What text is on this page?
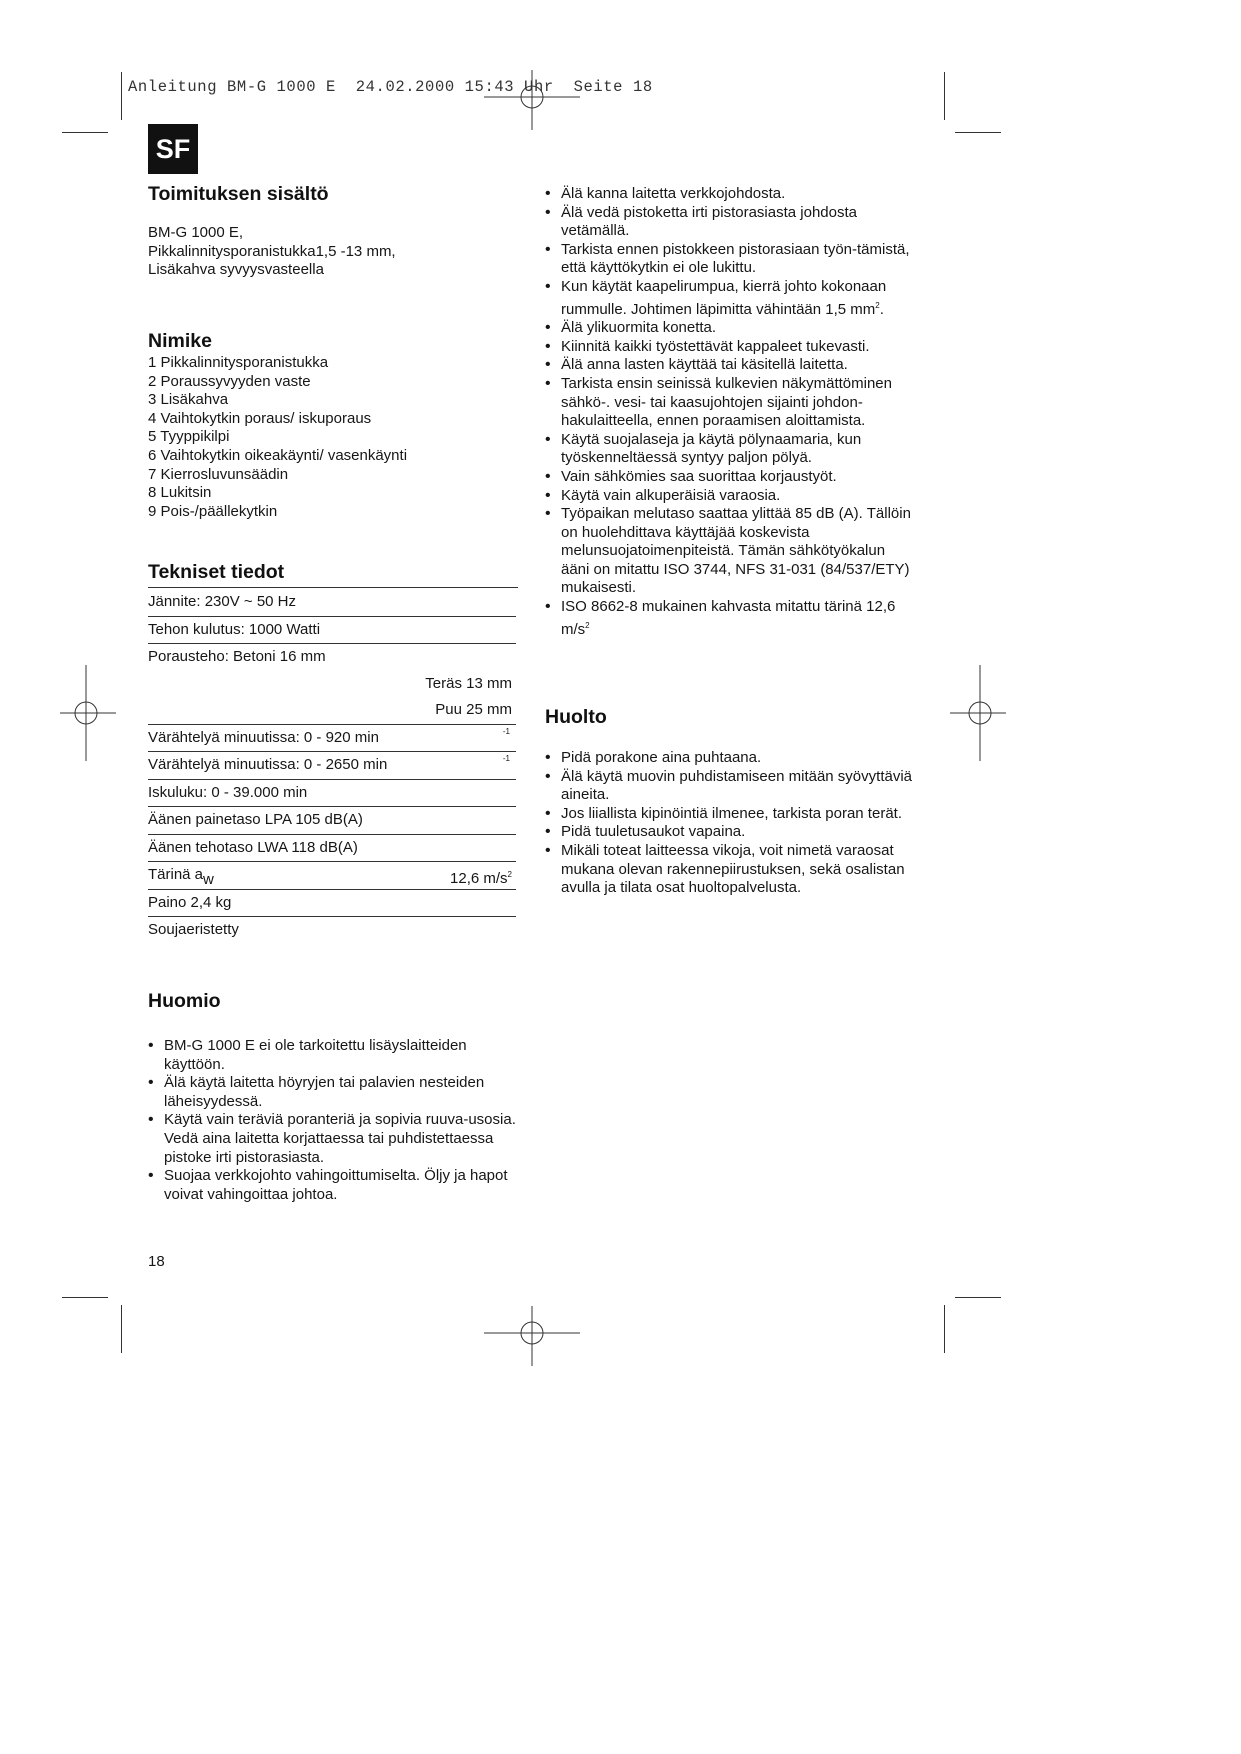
Anleitung BM-G 1000 E  24.02.2000 15:43 Uhr  Seite 18
SF
Toimituksen sisältö
BM-G 1000 E,
Pikkalinnitysporanistukka1,5 -13 mm,
Lisäkahva syvyysvasteella
Nimike
1 Pikkalinnitysporanistukka
2 Poraussyvyyden vaste
3 Lisäkahva
4 Vaihtokytkin poraus/ iskuporaus
5 Tyyppikilpi
6 Vaihtokytkin oikeakäynti/ vasenkäynti
7 Kierrosluvunsäädin
8 Lukitsin
9 Pois-/päällekytkin
Tekniset tiedot
Jännite: 230V ~ 50 Hz
Tehon kulutus: 1000 Watti
Porausteho: Betoni 16 mm
Teräs 13 mm
Puu 25 mm
Värähtelyä minuutissa: 0 - 920 min	-1
Värähtelyä minuutissa: 0 - 2650 min	-1
Iskuluku: 0 - 39.000 min
Äänen painetaso LPA 105 dB(A)
Äänen tehotaso LWA 118 dB(A)
Tärinä aw	12,6 $m/s^2$
Paino 2,4 kg
Soujaeristetty
Huomio
• BM-G 1000 E ei ole tarkoitettu lisäyslaitteiden käyttöön.
• Älä käytä laitetta höyryjen tai palavien nesteiden läheisyydessä.
• Käytä vain teräviä poranteriä ja sopivia ruuva-usosia.
Vedä aina laitetta korjattaessa tai puhdistettaessa pistoke irti pistorasiasta.
• Suojaa verkkojohto vahingoittumiselta. Öljy ja hapot voivat vahingoittaa johtoa.
18
• Älä kanna laitetta verkkojohdosta.
• Älä vedä pistoketta irti pistorasiasta johdosta vetämällä.
• Tarkista ennen pistokkeen pistorasiaan työn-tämistä, että käyttökytkin ei ole lukittu.
• Kun käytät kaapelirumpua, kierrä johto kokonaan rummulle. Johtimen läpimitta vähintään 1,5 $mm^2$.
• Älä ylikuormita konetta.
• Kiinnitä kaikki työstettävät kappaleet tukevasti.
• Älä anna lasten käyttää tai käsitellä laitetta.
• Tarkista ensin seinissä kulkevien näkymättöminen sähkö-. vesi- tai kaasujohtojen sijainti johdon-hakulaitteella, ennen poraamisen aloittamista.
• Käytä suojalaseja ja käytä pölynaamaria, kun työskenneltäessä syntyy paljon pölyä.
• Vain sähkömies saa suorittaa korjaustyöt.
• Käytä vain alkuperäisiä varaosia.
• Työpaikan melutaso saattaa ylittää 85 dB (A). Tällöin on huolehdittava käyttäjää koskevista melunsuojatoimenpiteistä. Tämän sähkötyökalun ääni on mitattu ISO 3744, NFS 31-031 (84/537/ETY) mukaisesti.
• ISO 8662-8 mukainen kahvasta mitattu tärinä 12,6 $m/s^2$
Huolto
• Pidä porakone aina puhtaana.
• Älä käytä muovin puhdistamiseen mitään syövyttäviä aineita.
• Jos liiallista kipinöintiä ilmenee, tarkista poran terät.
• Pidä tuuletusaukot vapaina.
• Mikäli toteat laitteessa vikoja, voit nimetä varaosat mukana olevan rakennepiirustuksen, sekä osalistan avulla ja tilata osat huoltopalvelusta.
